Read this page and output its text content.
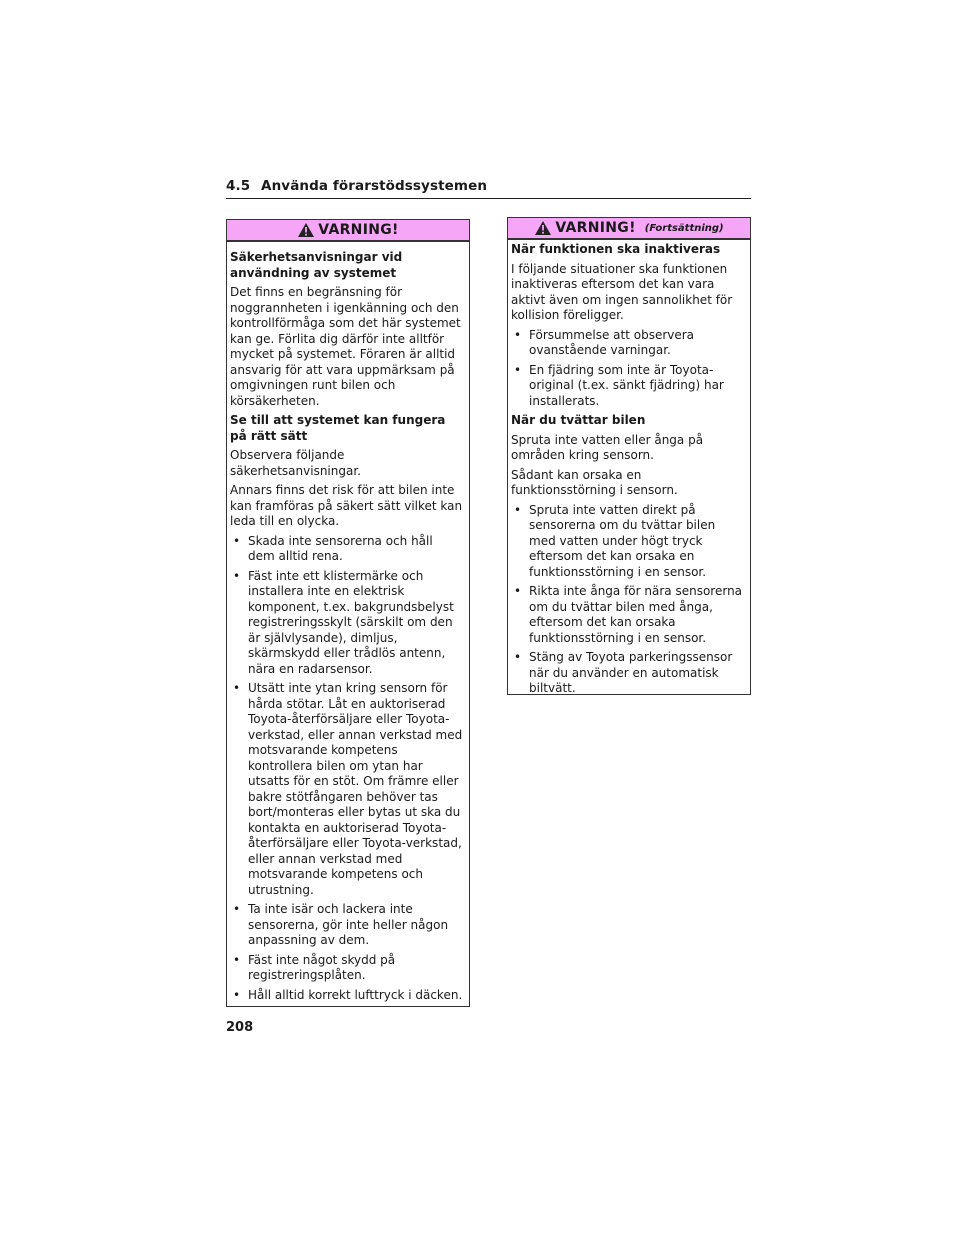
4.5 Använda förarstödssystemen
VARNING!
Säkerhetsanvisningar vid användning av systemet

Det finns en begränsning för noggrannheten i igenkänning och den kontrollförmåga som det här systemet kan ge. Förlita dig därför inte alltför mycket på systemet. Föraren är alltid ansvarig för att vara uppmärksam på omgivningen runt bilen och körsäkerheten.

Se till att systemet kan fungera på rätt sätt

Observera följande säkerhetsanvisningar.

Annars finns det risk för att bilen inte kan framföras på säkert sätt vilket kan leda till en olycka.

• Skada inte sensorerna och håll dem alltid rena.
• Fäst inte ett klistermärke och installera inte en elektrisk komponent, t.ex. bakgrundsbelyst registreringsskylt (särskilt om den är självlysande), dimljus, skärmskydd eller trådlös antenn, nära en radarsensor.
• Utsätt inte ytan kring sensorn för hårda stötar. Låt en auktoriserad Toyota-återförsäljare eller Toyota-verkstad, eller annan verkstad med motsvarande kompetens kontrollera bilen om ytan har utsatts för en stöt. Om främre eller bakre stötfångaren behöver tas bort/monteras eller bytas ut ska du kontakta en auktoriserad Toyota-återförsäljare eller Toyota-verkstad, eller annan verkstad med motsvarande kompetens och utrustning.
• Ta inte isär och lackera inte sensorerna, gör inte heller någon anpassning av dem.
• Fäst inte något skydd på registreringsplåten.
• Håll alltid korrekt lufttryck i däcken.
VARNING! (Fortsättning)
När funktionen ska inaktiveras

I följande situationer ska funktionen inaktiveras eftersom det kan vara aktivt även om ingen sannolikhet för kollision föreligger.

• Försummelse att observera ovanstående varningar.
• En fjädring som inte är Toyota-original (t.ex. sänkt fjädring) har installerats.
När du tvättar bilen

Spruta inte vatten eller ånga på områden kring sensorn.

Sådant kan orsaka en funktionsstörning i sensorn.

• Spruta inte vatten direkt på sensorerna om du tvättar bilen med vatten under högt tryck eftersom det kan orsaka en funktionsstörning i en sensor.
• Rikta inte ånga för nära sensorerna om du tvättar bilen med ånga, eftersom det kan orsaka funktionsstörning i en sensor.
• Stäng av Toyota parkeringssensor när du använder en automatisk biltvätt.
208
